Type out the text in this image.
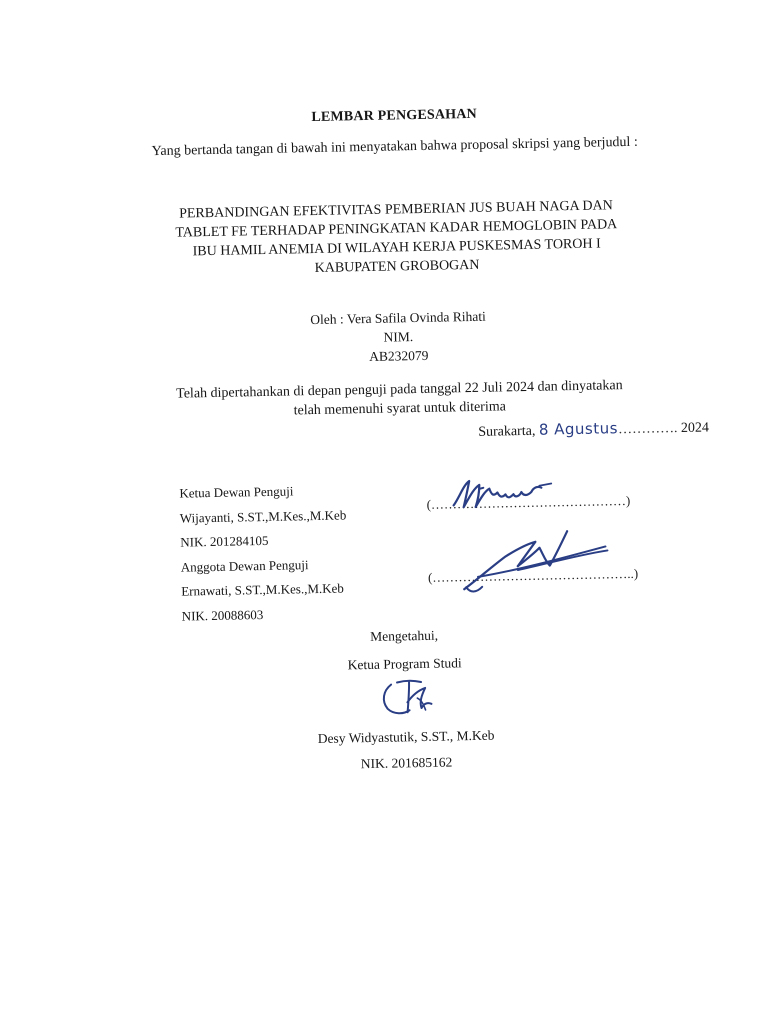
LEMBAR PENGESAHAN
Yang bertanda tangan di bawah ini menyatakan bahwa proposal skripsi yang berjudul :
PERBANDINGAN EFEKTIVITAS PEMBERIAN JUS BUAH NAGA DAN
TABLET FE TERHADAP PENINGKATAN KADAR HEMOGLOBIN PADA
IBU HAMIL ANEMIA DI WILAYAH KERJA PUSKESMAS TOROH I
KABUPATEN GROBOGAN
Oleh : Vera Safila Ovinda Rihati
NIM.
AB232079
Telah dipertahankan di depan penguji pada tanggal 22 Juli 2024 dan dinyatakan
telah memenuhi syarat untuk diterima
Surakarta, 8 Agustus…………. 2024
Ketua Dewan Penguji
Wijayanti, S.ST.,M.Kes.,M.Keb
NIK. 201284105
Anggota Dewan Penguji
Ernawati, S.ST.,M.Kes.,M.Keb
NIK. 20088603
(………………………………………)
(………………………………………..)
Mengetahui,
Ketua Program Studi
Desy Widyastutik, S.ST., M.Keb
NIK. 201685162
